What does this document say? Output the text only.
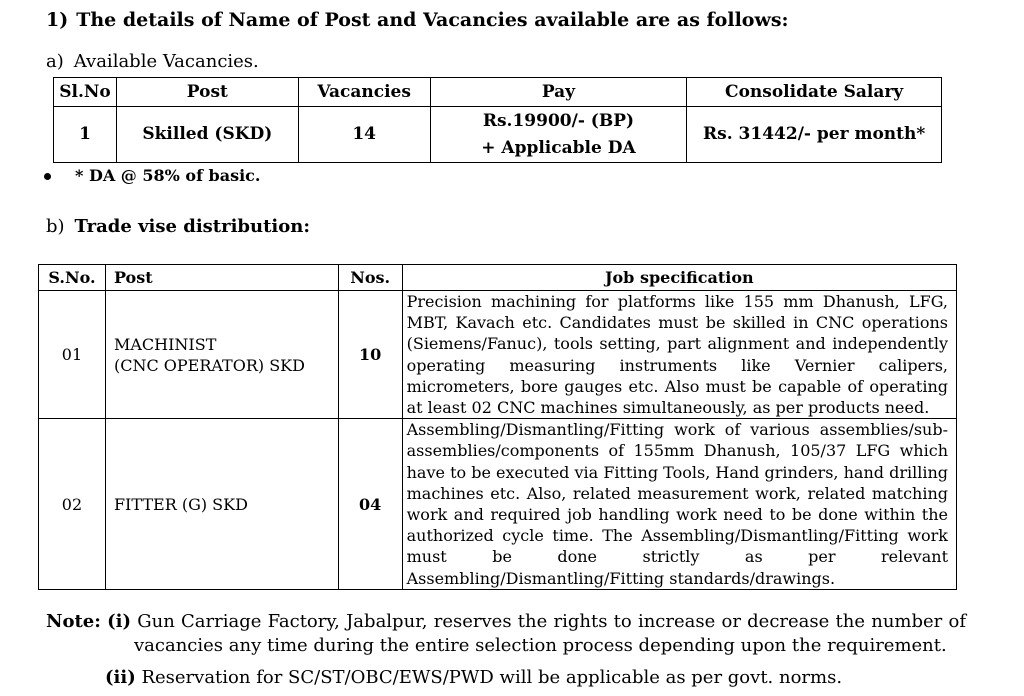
1) The details of Name of Post and Vacancies available are as follows:
a) Available Vacancies.
Sl.No	Post	Vacancies	Pay	Consolidate Salary
1	Skilled (SKD)	14	Rs.19900/- (BP)
+ Applicable DA	Rs. 31442/- per month*
* DA @ 58% of basic.
b) Trade vise distribution:
S.No.	Post	Nos.	Job specification
01	MACHINIST
(CNC OPERATOR) SKD	10	Precision machining for platforms like 155 mm Dhanush, LFG, MBT, Kavach etc. Candidates must be skilled in CNC operations (Siemens/Fanuc), tools setting, part alignment and independently operating measuring instruments like Vernier calipers, micrometers, bore gauges etc. Also must be capable of operating at least 02 CNC machines simultaneously, as per products need.
02	FITTER (G) SKD	04	Assembling/Dismantling/Fitting work of various assemblies/sub-assemblies/components of 155mm Dhanush, 105/37 LFG which have to be executed via Fitting Tools, Hand grinders, hand drilling machines etc. Also, related measurement work, related matching work and required job handling work need to be done within the authorized cycle time. The Assembling/Dismantling/Fitting work must be done strictly as per relevant Assembling/Dismantling/Fitting standards/drawings.
Note: (i) Gun Carriage Factory, Jabalpur, reserves the rights to increase or decrease the number of vacancies any time during the entire selection process depending upon the requirement.
(ii) Reservation for SC/ST/OBC/EWS/PWD will be applicable as per govt. norms.
